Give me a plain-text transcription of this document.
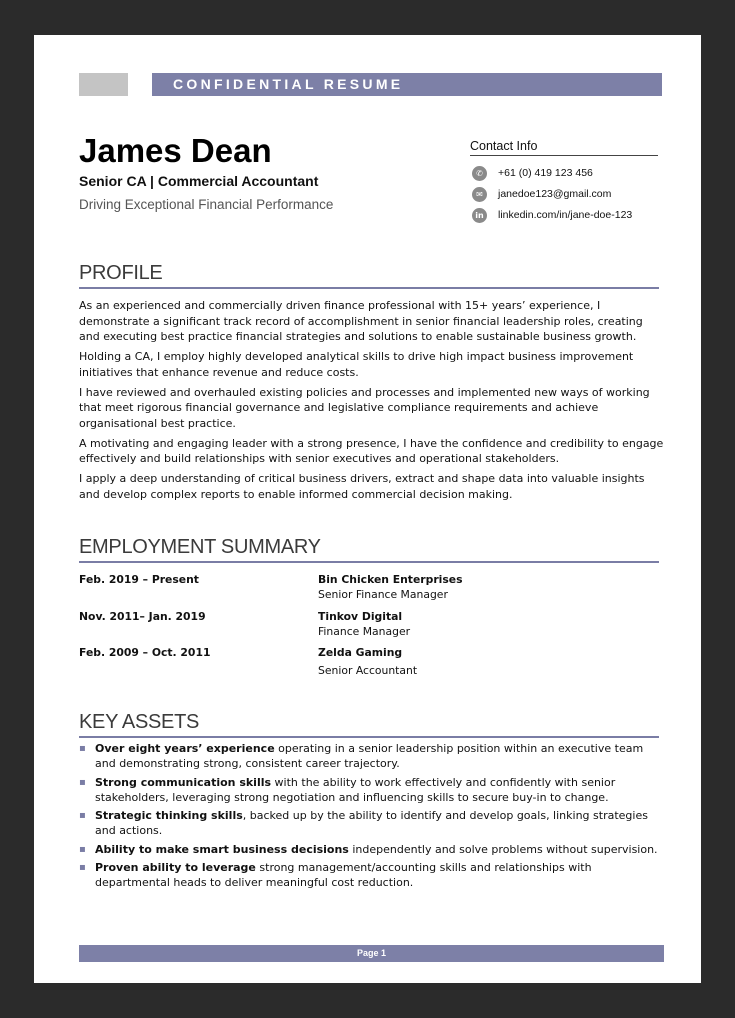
CONFIDENTIAL RESUME
James Dean
Senior CA | Commercial Accountant
Driving Exceptional Financial Performance
Contact Info
✆	+61 (0) 419 123 456
✉	janedoe123@gmail.com
in	linkedin.com/in/jane-doe-123
PROFILE

As an experienced and commercially driven finance professional with 15+ years’ experience, I demonstrate a significant track record of accomplishment in senior financial leadership roles, creating and executing best practice financial strategies and solutions to enable sustainable business growth.

Holding a CA, I employ highly developed analytical skills to drive high impact business improvement initiatives that enhance revenue and reduce costs.

I have reviewed and overhauled existing policies and processes and implemented new ways of working that meet rigorous financial governance and legislative compliance requirements and achieve organisational best practice.

A motivating and engaging leader with a strong presence, I have the confidence and credibility to engage effectively and build relationships with senior executives and operational stakeholders.

I apply a deep understanding of critical business drivers, extract and shape data into valuable insights and develop complex reports to enable informed commercial decision making.

EMPLOYMENT SUMMARY
Feb. 2019 – Present	Bin Chicken Enterprises
Senior Finance Manager
Nov. 2011– Jan. 2019	Tinkov Digital
Finance Manager
Feb. 2009 – Oct. 2011	Zelda Gaming
Senior Accountant
KEY ASSETS
▪ Over eight years’ experience operating in a senior leadership position within an executive team and demonstrating strong, consistent career trajectory.
▪ Strong communication skills with the ability to work effectively and confidently with senior stakeholders, leveraging strong negotiation and influencing skills to secure buy-in to change.
▪ Strategic thinking skills, backed up by the ability to identify and develop goals, linking strategies and actions.
▪ Ability to make smart business decisions independently and solve problems without supervision.
▪ Proven ability to leverage strong management/accounting skills and relationships with departmental heads to deliver meaningful cost reduction.
Page 1
